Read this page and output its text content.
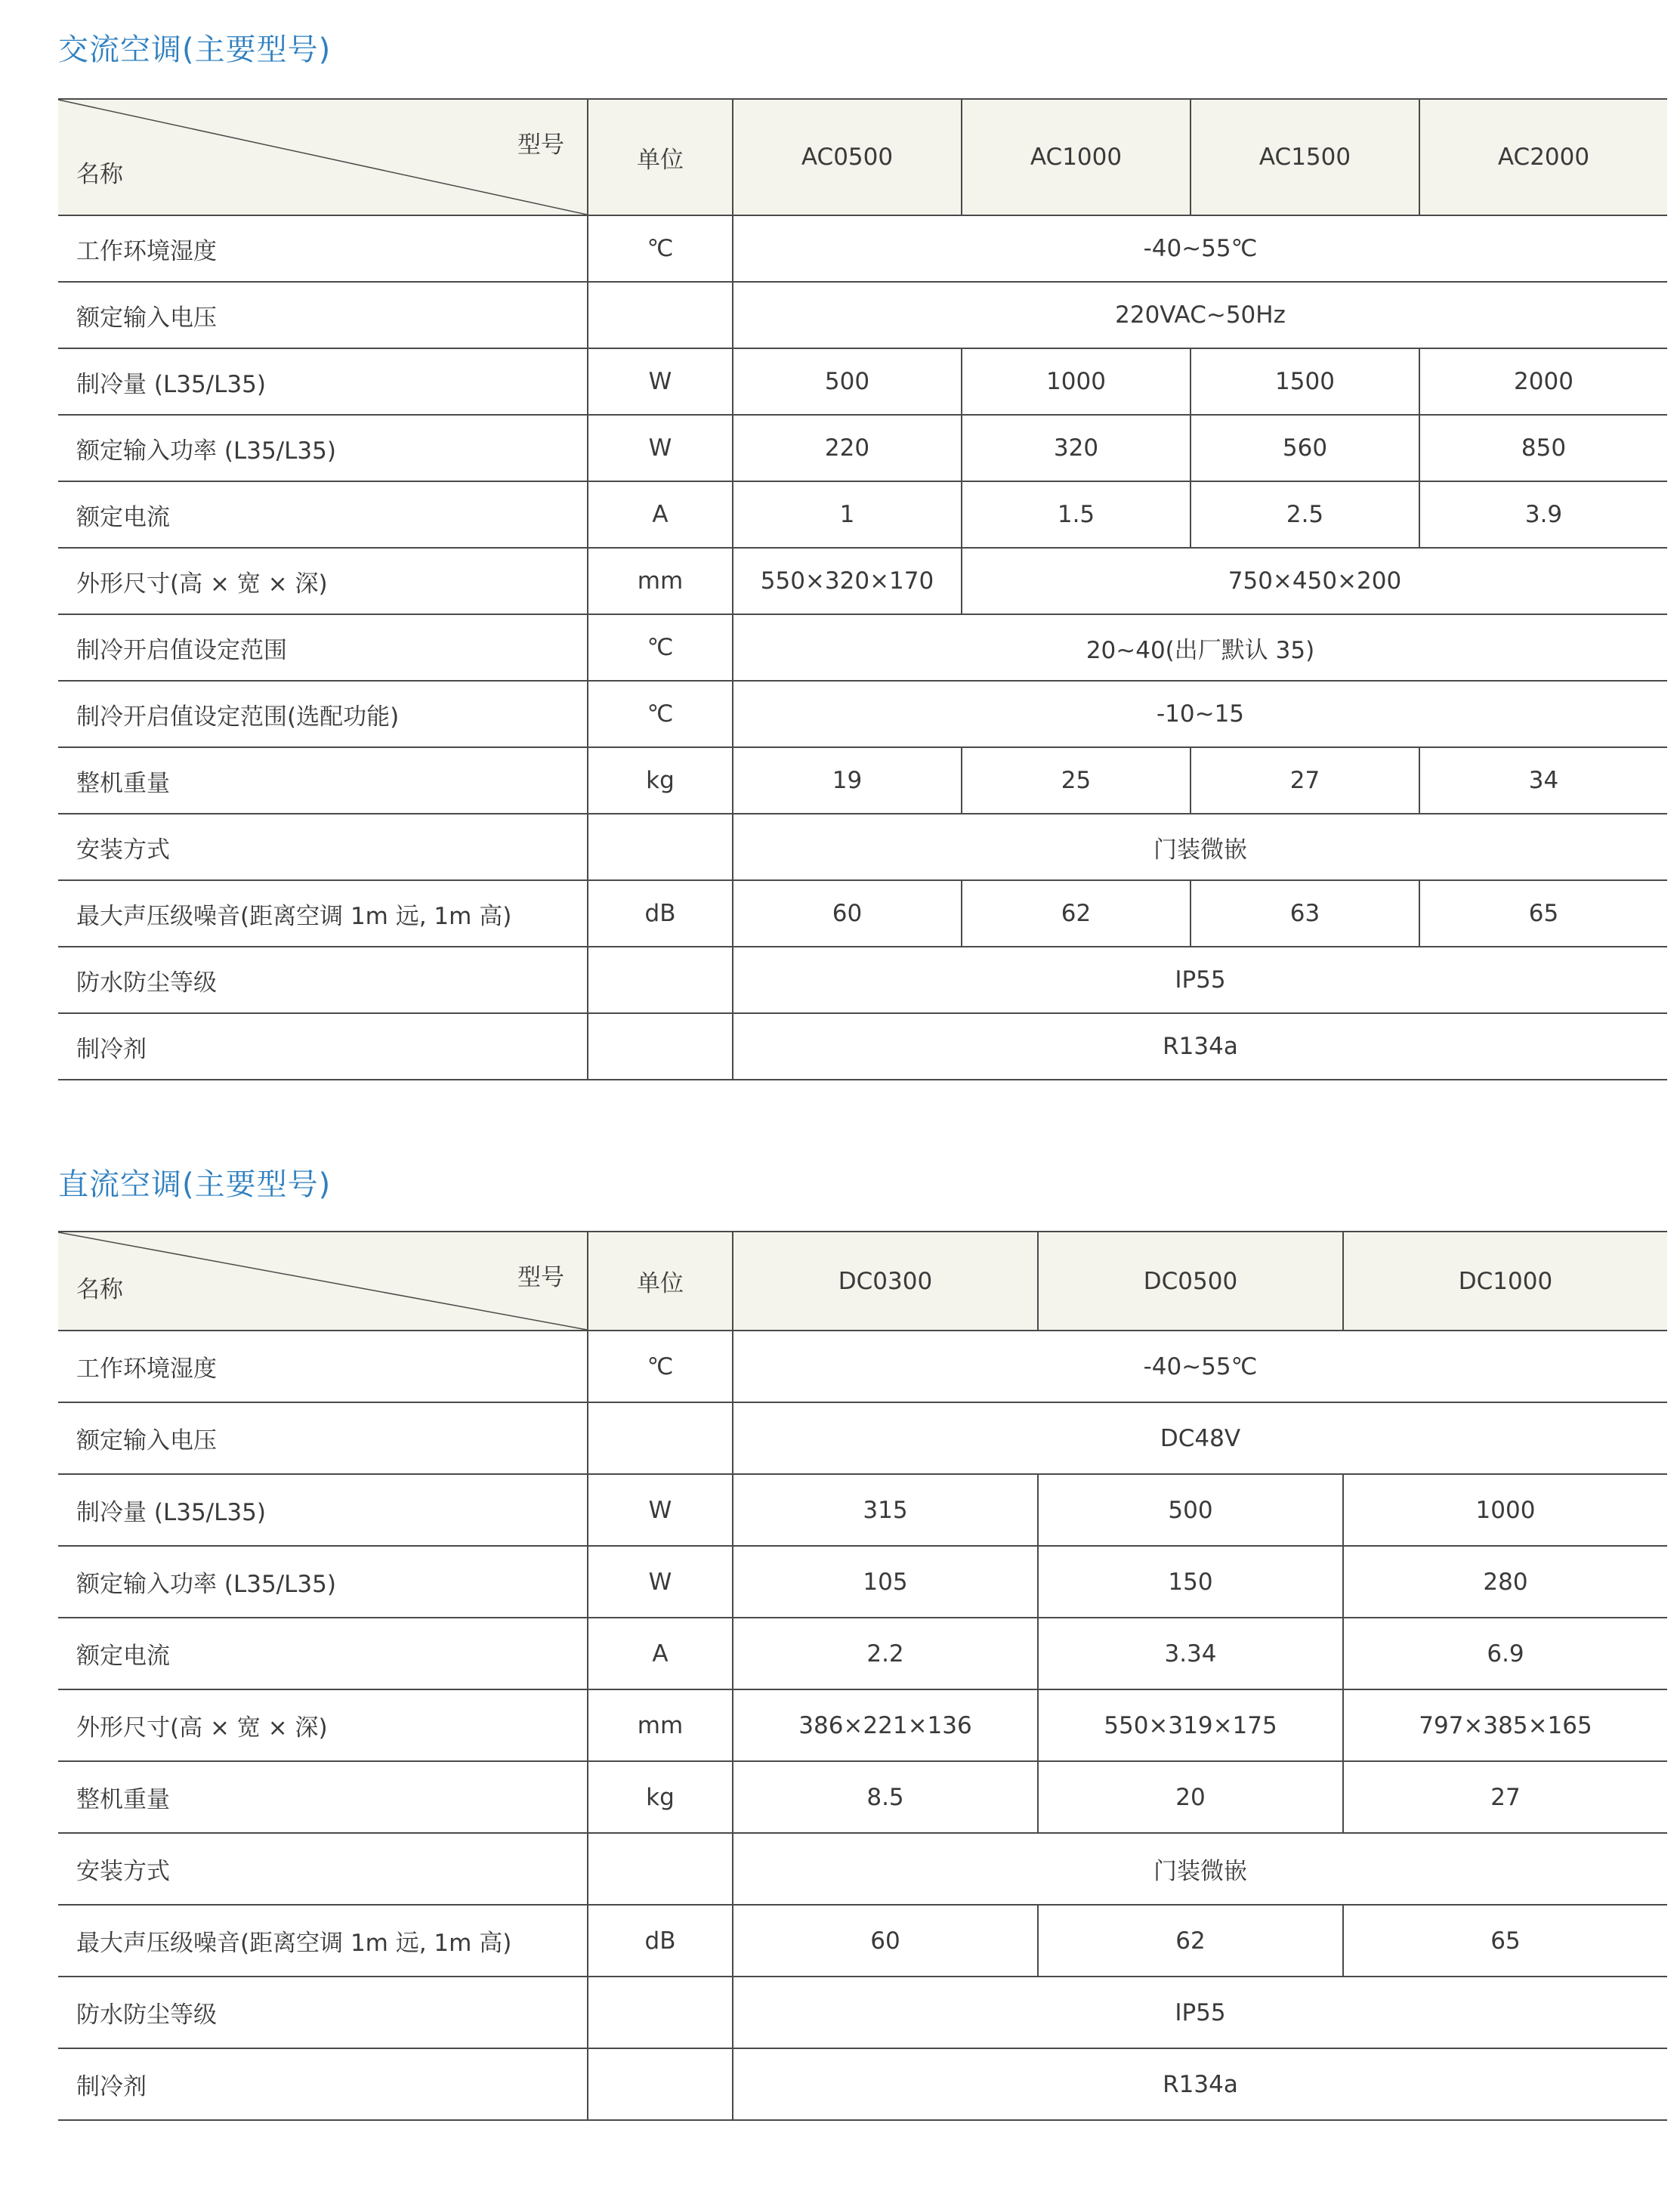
交流空调(主要型号)
型号
名称	单位	AC0500	AC1000	AC1500	AC2000
工作环境湿度	℃	-40~55℃			
额定输入电压		220VAC~50Hz			
制冷量 (L35/L35)	W	500	1000	1500	2000
额定输入功率 (L35/L35)	W	220	320	560	850
额定电流	A	1	1.5	2.5	3.9
外形尺寸(高 × 宽 × 深)	mm	550×320×170	750×450×200		
制冷开启值设定范围	℃	20~40(出厂默认 35)			
制冷开启值设定范围(选配功能)	℃	-10~15			
整机重量	kg	19	25	27	34
安装方式		门装微嵌			
最大声压级噪音(距离空调 1m 远, 1m 高)	dB	60	62	63	65
防水防尘等级		IP55			
制冷剂		R134a			
直流空调(主要型号)
型号
名称	单位	DC0300	DC0500	DC1000
工作环境湿度	℃	-40~55℃		
额定输入电压		DC48V		
制冷量 (L35/L35)	W	315	500	1000
额定输入功率 (L35/L35)	W	105	150	280
额定电流	A	2.2	3.34	6.9
外形尺寸(高 × 宽 × 深)	mm	386×221×136	550×319×175	797×385×165
整机重量	kg	8.5	20	27
安装方式		门装微嵌		
最大声压级噪音(距离空调 1m 远, 1m 高)	dB	60	62	65
防水防尘等级		IP55		
制冷剂		R134a		
